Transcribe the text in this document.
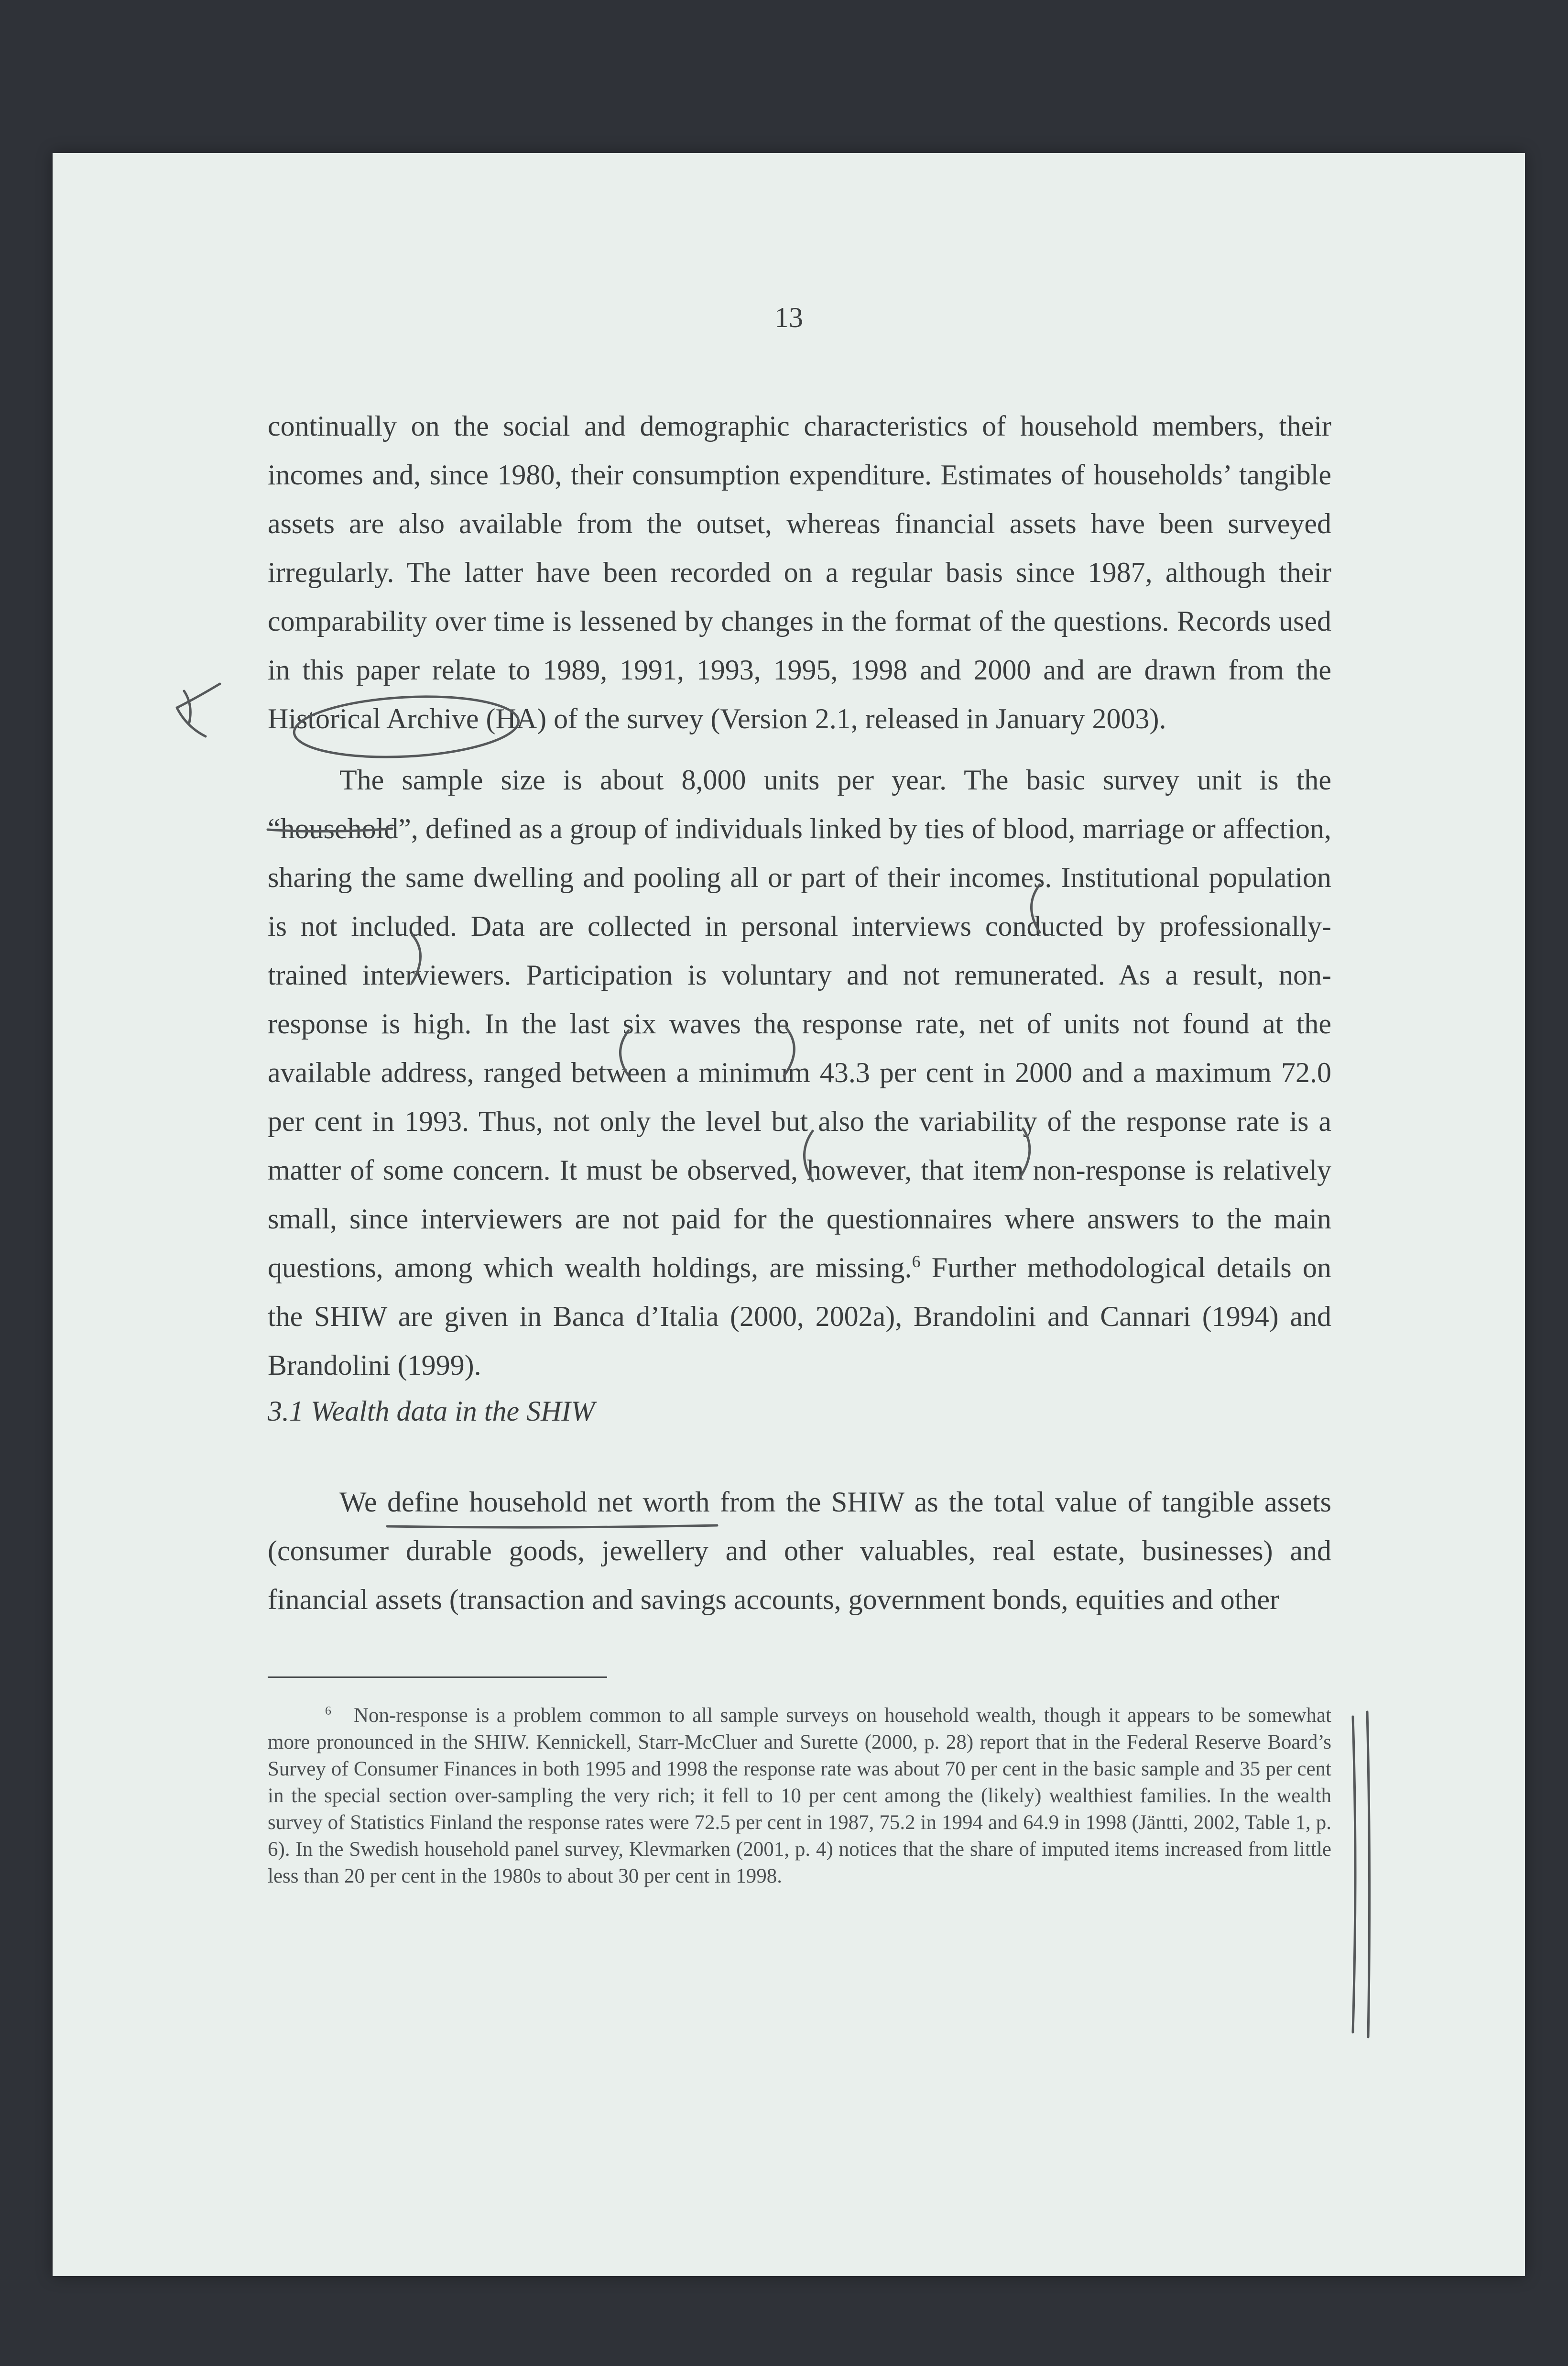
13

continually on the social and demographic characteristics of household members, their incomes and, since 1980, their consumption expenditure. Estimates of households’ tangible assets are also available from the outset, whereas financial assets have been surveyed irregularly. The latter have been recorded on a regular basis since 1987, although their comparability over time is lessened by changes in the format of the questions. Records used in this paper relate to 1989, 1991, 1993, 1995, 1998 and 2000 and are drawn from the Historical Archive (HA) of the survey (Version 2.1, released in January 2003).

The sample size is about 8,000 units per year. The basic survey unit is the “household”, defined as a group of individuals linked by ties of blood, marriage or affection, sharing the same dwelling and pooling all or part of their incomes. Institutional population is not included. Data are collected in personal interviews conducted by professionally-trained interviewers. Participation is voluntary and not remunerated. As a result, non-response is high. In the last six waves the response rate, net of units not found at the available address, ranged between a minimum 43.3 per cent in 2000 and a maximum 72.0 per cent in 1993. Thus, not only the level but also the variability of the response rate is a matter of some concern. It must be observed, however, that item non-response is relatively small, since interviewers are not paid for the questionnaires where answers to the main questions, among which wealth holdings, are missing.$^6$ Further methodological details on the SHIW are given in Banca d’Italia (2000, 2002a), Brandolini and Cannari (1994) and Brandolini (1999).

3.1 Wealth data in the SHIW

We define household net worth from the SHIW as the total value of tangible assets (consumer durable goods, jewellery and other valuables, real estate, businesses) and financial assets (transaction and savings accounts, government bonds, equities and other

$^6$ Non-response is a problem common to all sample surveys on household wealth, though it appears to be somewhat more pronounced in the SHIW. Kennickell, Starr-McCluer and Surette (2000, p. 28) report that in the Federal Reserve Board’s Survey of Consumer Finances in both 1995 and 1998 the response rate was about 70 per cent in the basic sample and 35 per cent in the special section over-sampling the very rich; it fell to 10 per cent among the (likely) wealthiest families. In the wealth survey of Statistics Finland the response rates were 72.5 per cent in 1987, 75.2 in 1994 and 64.9 in 1998 (Jäntti, 2002, Table 1, p. 6). In the Swedish household panel survey, Klevmarken (2001, p. 4) notices that the share of imputed items increased from little less than 20 per cent in the 1980s to about 30 per cent in 1998.
